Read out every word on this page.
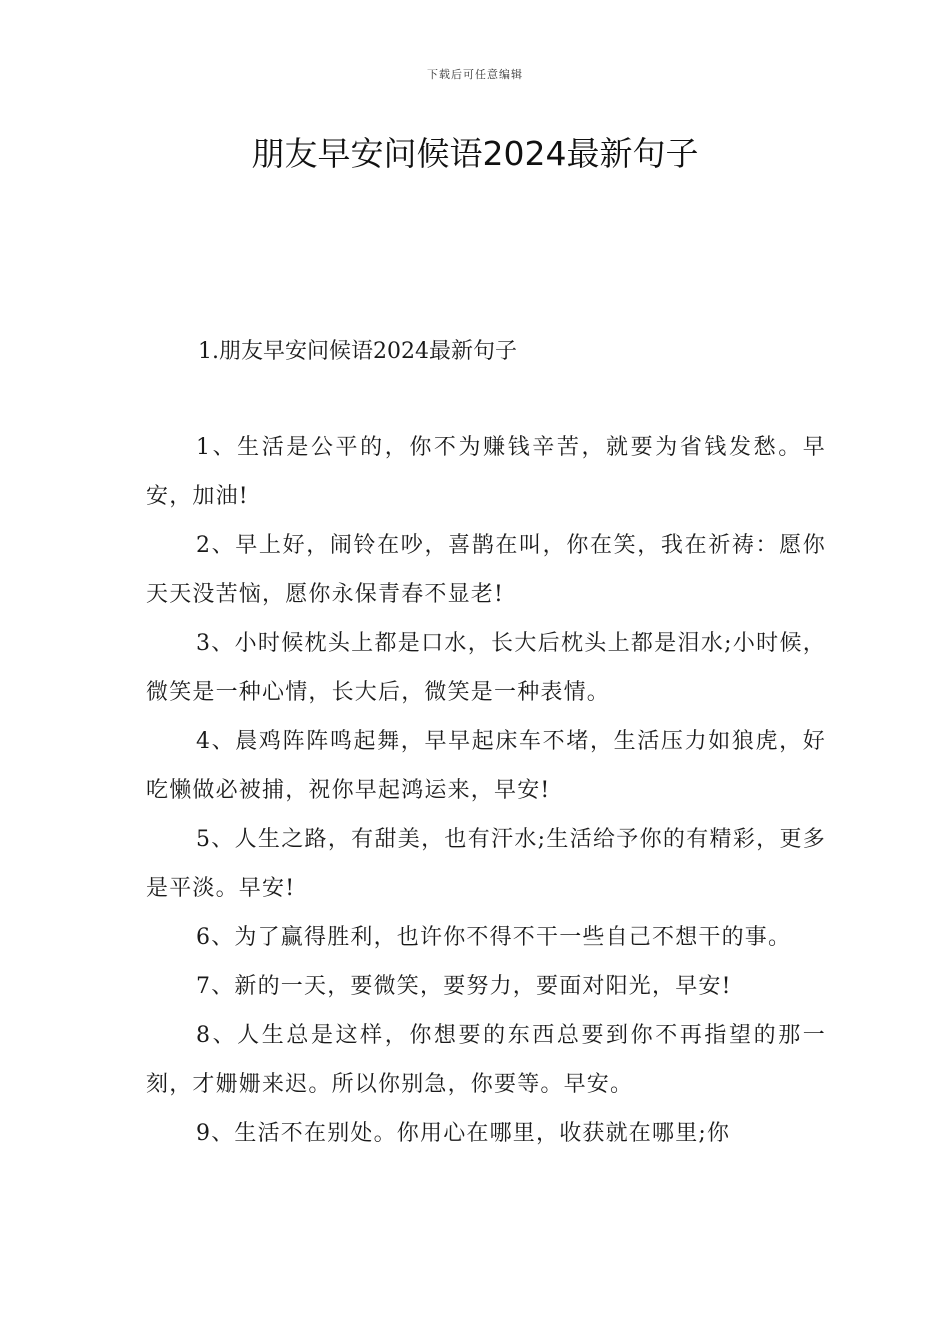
下载后可任意编辑
朋友早安问候语2024最新句子

1.朋友早安问候语2024最新句子

1、生活是公平的，你不为赚钱辛苦，就要为省钱发愁。早安，加油!

2、早上好，闹铃在吵，喜鹊在叫，你在笑，我在祈祷：愿你天天没苦恼，愿你永保青春不显老!

3、小时候枕头上都是口水，长大后枕头上都是泪水;小时候，微笑是一种心情，长大后，微笑是一种表情。

4、晨鸡阵阵鸣起舞，早早起床车不堵，生活压力如狼虎，好吃懒做必被捕，祝你早起鸿运来，早安!

5、人生之路，有甜美，也有汗水;生活给予你的有精彩，更多是平淡。早安!

6、为了赢得胜利，也许你不得不干一些自己不想干的事。

7、新的一天，要微笑，要努力，要面对阳光，早安!

8、人生总是这样，你想要的东西总要到你不再指望的那一刻，才姗姗来迟。所以你别急，你要等。早安。

9、生活不在别处。你用心在哪里，收获就在哪里;你
